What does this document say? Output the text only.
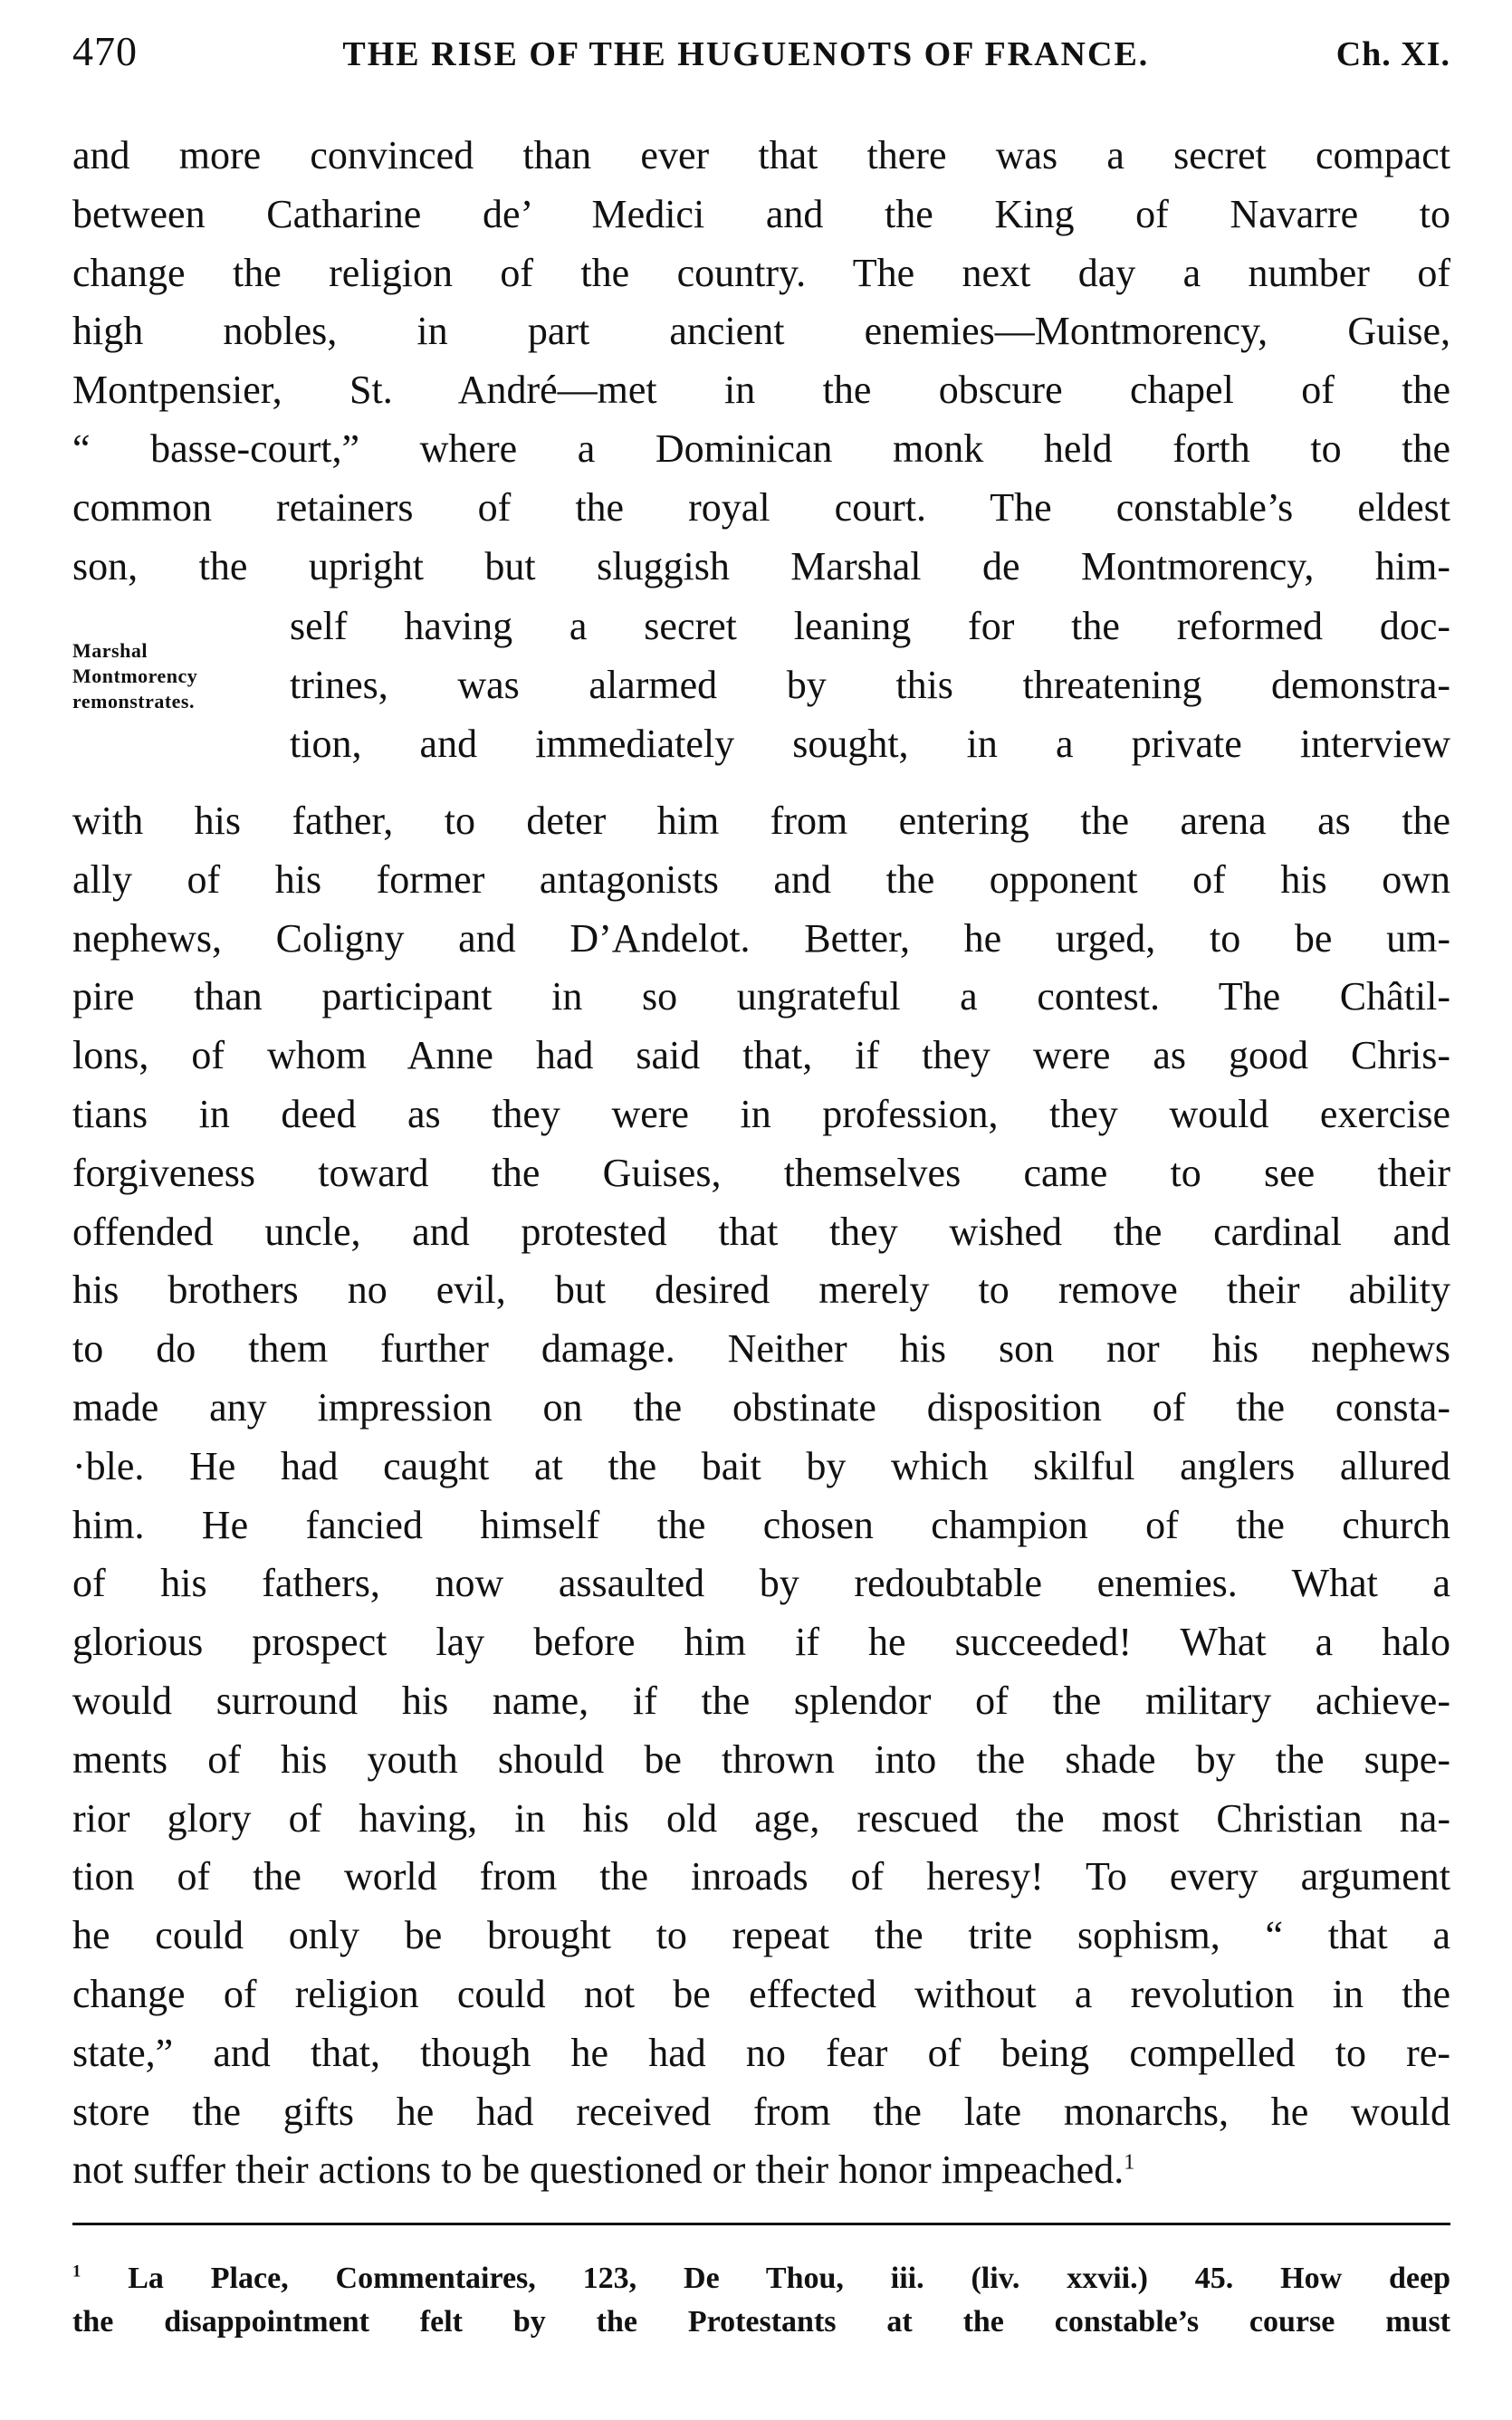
470	THE RISE OF THE HUGUENOTS OF FRANCE.	Ch. XI.
and more convinced than ever that there was a secret compact
between Catharine de’ Medici and the King of Navarre to
change the religion of the country. The next day a number of
high nobles, in part ancient enemies—Montmorency, Guise,
Montpensier, St. André—met in the obscure chapel of the
“ basse-court,” where a Dominican monk held forth to the
common retainers of the royal court. The constable’s eldest
son, the upright but sluggish Marshal de Montmorency, him-
Marshal
Montmorency
remonstrates.
self having a secret leaning for the reformed doc-
trines, was alarmed by this threatening demonstra-
tion, and immediately sought, in a private interview
with his father, to deter him from entering the arena as the
ally of his former antagonists and the opponent of his own
nephews, Coligny and D’Andelot. Better, he urged, to be um-
pire than participant in so ungrateful a contest. The Châtil-
lons, of whom Anne had said that, if they were as good Chris-
tians in deed as they were in profession, they would exercise
forgiveness toward the Guises, themselves came to see their
offended uncle, and protested that they wished the cardinal and
his brothers no evil, but desired merely to remove their ability
to do them further damage. Neither his son nor his nephews
made any impression on the obstinate disposition of the consta-
·ble. He had caught at the bait by which skilful anglers allured
him. He fancied himself the chosen champion of the church
of his fathers, now assaulted by redoubtable enemies. What a
glorious prospect lay before him if he succeeded! What a halo
would surround his name, if the splendor of the military achieve-
ments of his youth should be thrown into the shade by the supe-
rior glory of having, in his old age, rescued the most Christian na-
tion of the world from the inroads of heresy! To every argument
he could only be brought to repeat the trite sophism, “ that a
change of religion could not be effected without a revolution in the
state,” and that, though he had no fear of being compelled to re-
store the gifts he had received from the late monarchs, he would
not suffer their actions to be questioned or their honor impeached.$^1$
$^1$ La Place, Commentaires, 123, De Thou, iii. (liv. xxvii.) 45. How deep
the disappointment felt by the Protestants at the constable’s course must
